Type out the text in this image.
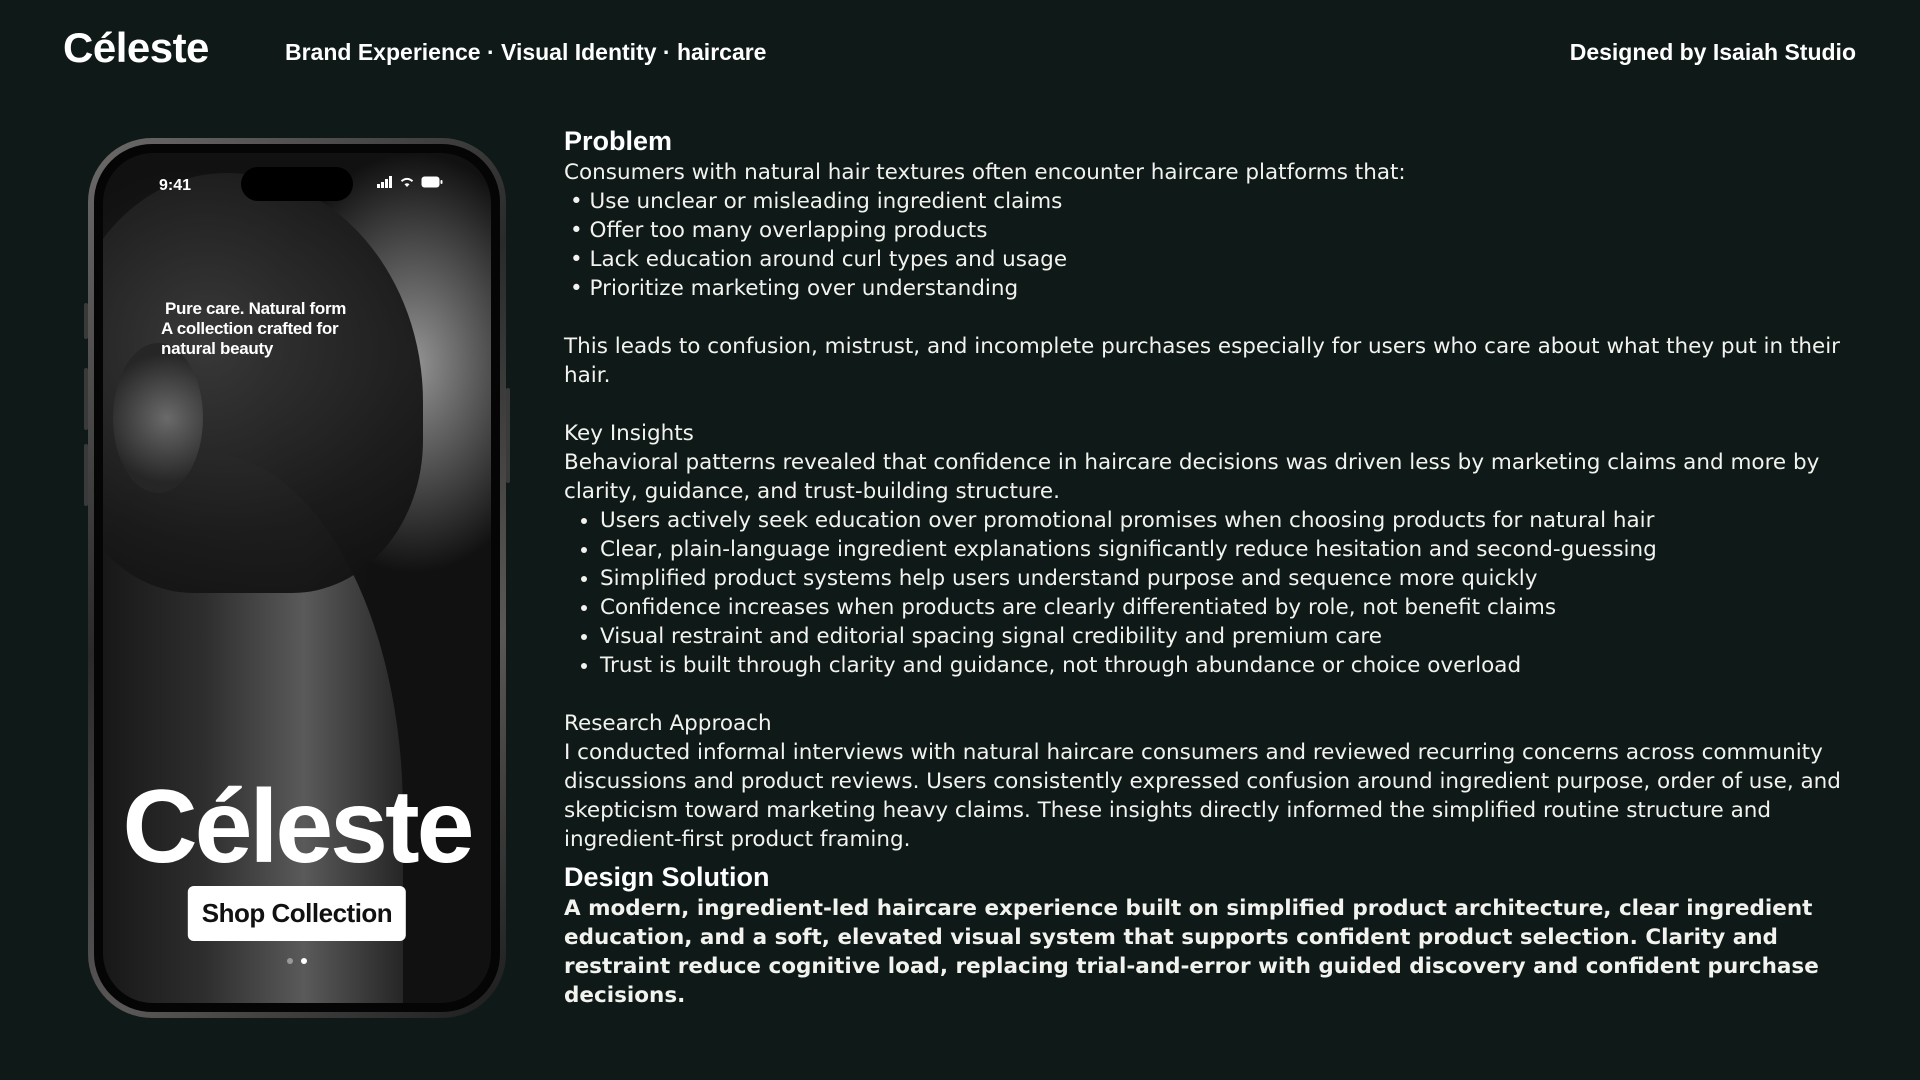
Céleste	Brand Experience · Visual Identity · haircare	Designed by Isaiah Studio
9:41

Pure care. Natural form
A collection crafted for
natural beauty
Céleste
Shop Collection
Problem

Consumers with natural hair textures often encounter haircare platforms that:

• Use unclear or misleading ingredient claims
• Offer too many overlapping products
• Lack education around curl types and usage
• Prioritize marketing over understanding

This leads to confusion, mistrust, and incomplete purchases especially for users who care about what they put in their hair.

Key Insights

Behavioral patterns revealed that confidence in haircare decisions was driven less by marketing claims and more by clarity, guidance, and trust-building structure.

• Users actively seek education over promotional promises when choosing products for natural hair
• Clear, plain-language ingredient explanations significantly reduce hesitation and second-guessing
• Simplified product systems help users understand purpose and sequence more quickly
• Confidence increases when products are clearly differentiated by role, not benefit claims
• Visual restraint and editorial spacing signal credibility and premium care
• Trust is built through clarity and guidance, not through abundance or choice overload

Research Approach

I conducted informal interviews with natural haircare consumers and reviewed recurring concerns across community discussions and product reviews. Users consistently expressed confusion around ingredient purpose, order of use, and skepticism toward marketing heavy claims. These insights directly informed the simplified routine structure and ingredient-first product framing.

Design Solution

A modern, ingredient-led haircare experience built on simplified product architecture, clear ingredient education, and a soft, elevated visual system that supports confident product selection. Clarity and restraint reduce cognitive load, replacing trial-and-error with guided discovery and confident purchase decisions.
